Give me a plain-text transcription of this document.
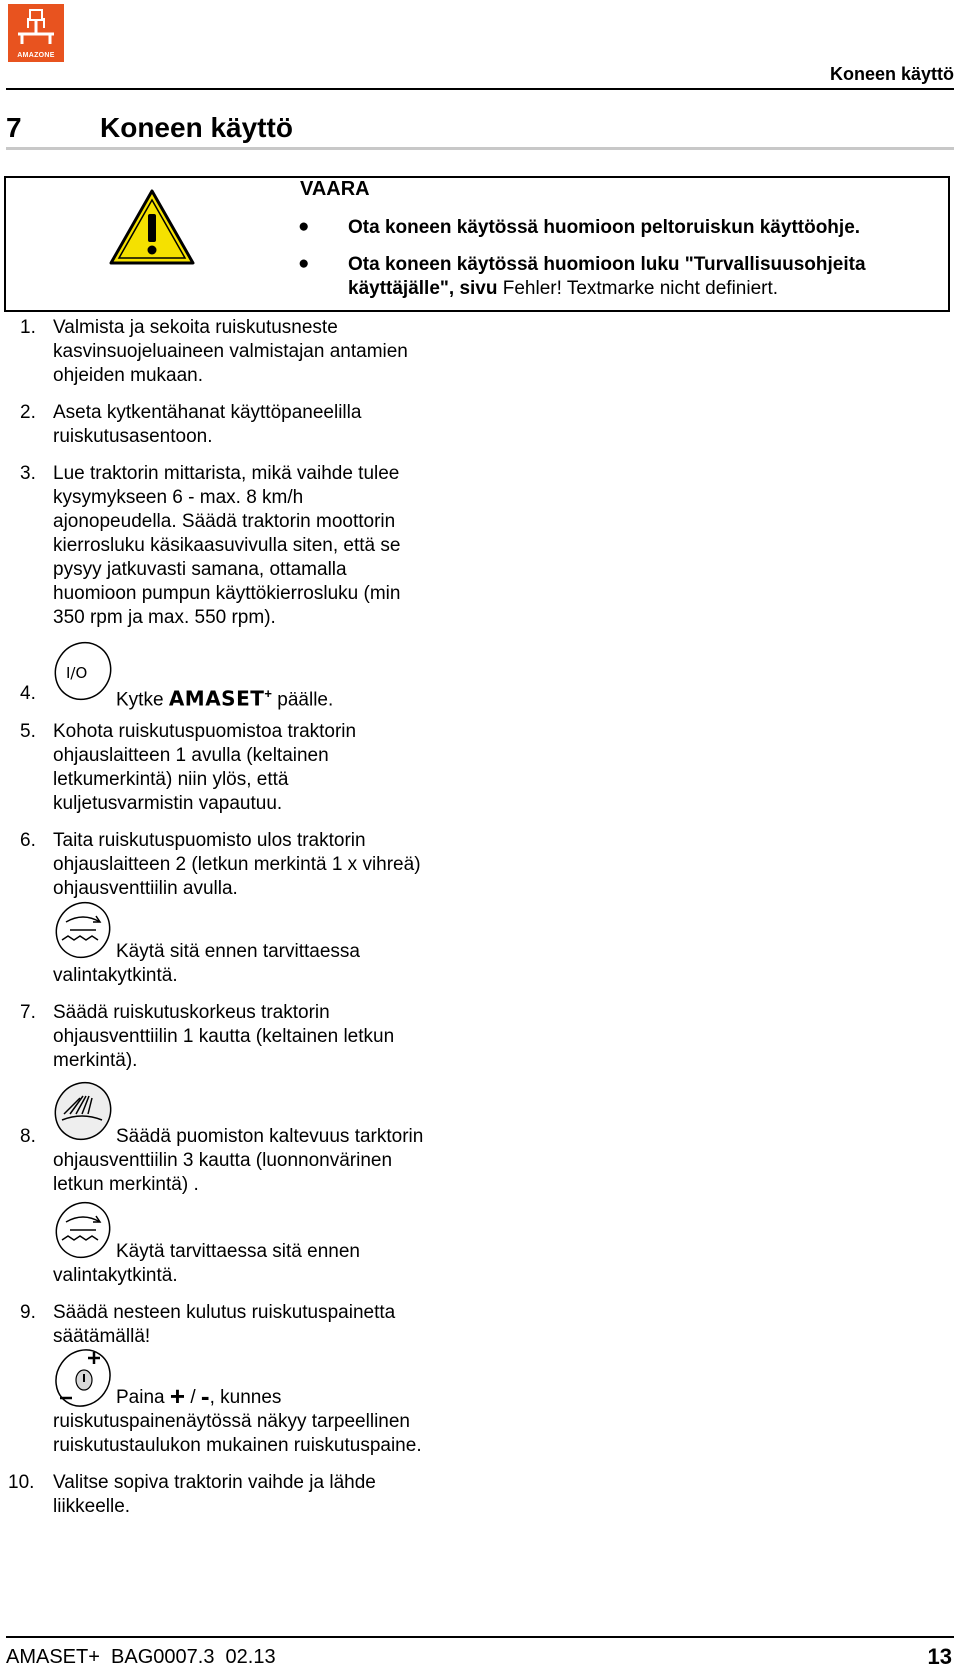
AMAZONE
Koneen käyttö
7	Koneen käyttö
VAARA
● Ota koneen käytössä huomioon peltoruiskun käyttöohje.
● Ota koneen käytössä huomioon luku "Turvallisuusohjeita käyttäjälle", sivu Fehler! Textmarke nicht definiert.
1. Valmista ja sekoita ruiskutusneste
kasvinsuojeluaineen valmistajan antamien
ohjeiden mukaan.
2. Aseta kytkentähanat käyttöpaneelilla
ruiskutusasentoon.
3. Lue traktorin mittarista, mikä vaihde tulee
kysymykseen 6 - max. 8 km/h
ajonopeudella. Säädä traktorin moottorin
kierrosluku käsikaasuvivulla siten, että se
pysyy jatkuvasti samana, ottamalla
huomioon pumpun käyttökierrosluku (min
350 rpm ja max. 550 rpm).
I/O
4.	Kytke AMASET+ päälle.
5. Kohota ruiskutuspuomistoa traktorin
ohjauslaitteen 1 avulla (keltainen
letkumerkintä) niin ylös, että
kuljetusvarmistin vapautuu.
6. Taita ruiskutuspuomisto ulos traktorin
ohjauslaitteen 2 (letkun merkintä 1 x vihreä)
ohjausventtiilin avulla.
Käytä sitä ennen tarvittaessa
valintakytkintä.
7. Säädä ruiskutuskorkeus traktorin
ohjausventtiilin 1 kautta (keltainen letkun
merkintä).
8.	Säädä puomiston kaltevuus tarktorin
ohjausventtiilin 3 kautta (luonnonvärinen
letkun merkintä) .
Käytä tarvittaessa sitä ennen
valintakytkintä.
9. Säädä nesteen kulutus ruiskutuspainetta
säätämällä!
Paina + / -, kunnes
ruiskutuspainenäytössä näkyy tarpeellinen
ruiskutustaulukon mukainen ruiskutuspaine.
10. Valitse sopiva traktorin vaihde ja lähde
liikkeelle.
AMASET+  BAG0007.3  02.13	13
